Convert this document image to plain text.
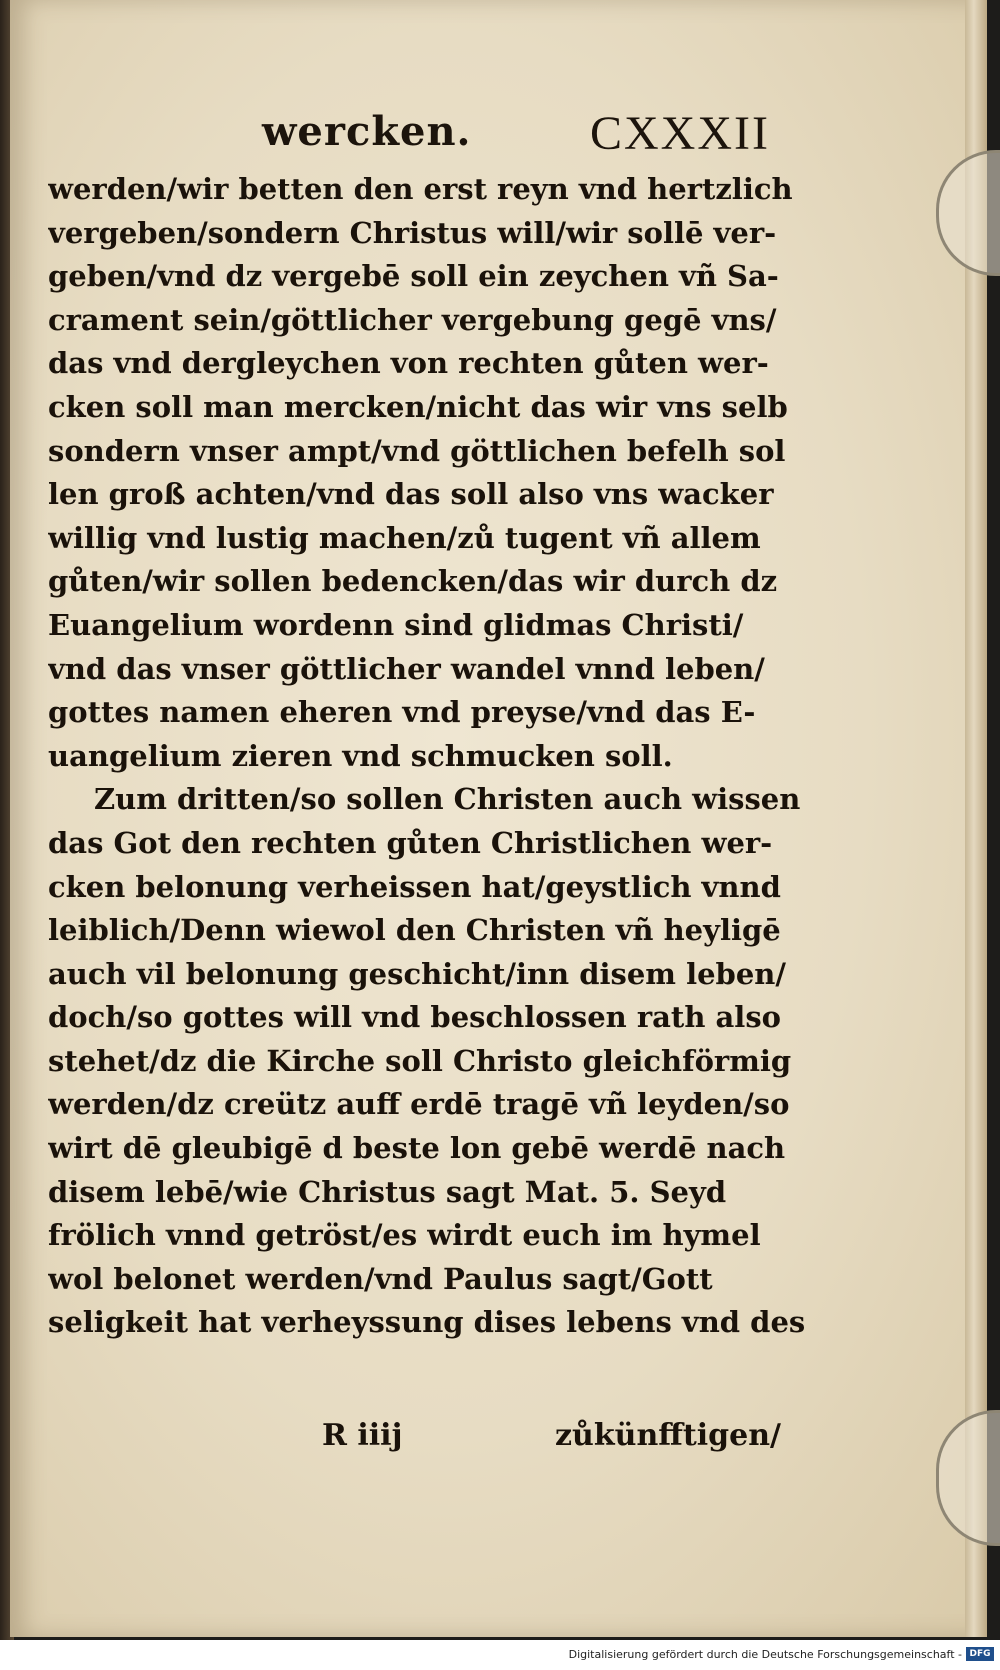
wercken. CXXXII
werden/wir betten den erst reyn vnd hertzlich
vergeben/sondern Christus will/wir sollē ver-
geben/vnd dz vergebē soll ein zeychen vñ Sa-
crament sein/göttlicher vergebung gegē vns/
das vnd dergleychen von rechten gůten wer-
cken soll man mercken/nicht das wir vns selb
sondern vnser ampt/vnd göttlichen befelh sol
len groß achten/vnd das soll also vns wacker
willig vnd lustig machen/zů tugent vñ allem
gůten/wir sollen bedencken/das wir durch dz
Euangelium wordenn sind glidmas Christi/
vnd das vnser göttlicher wandel vnnd leben/
gottes namen eheren vnd preyse/vnd das E-
uangelium zieren vnd schmucken soll.
Zum dritten/so sollen Christen auch wissen
das Got den rechten gůten Christlichen wer-
cken belonung verheissen hat/geystlich vnnd
leiblich/Denn wiewol den Christen vñ heyligē
auch vil belonung geschicht/inn disem leben/
doch/so gottes will vnd beschlossen rath also
stehet/dz die Kirche soll Christo gleichförmig
werden/dz creütz auff erdē tragē vñ leyden/so
wirt dē gleubigē d beste lon gebē werdē nach
disem lebē/wie Christus sagt Mat. 5. Seyd
frölich vnnd getröst/es wirdt euch im hymel
wol belonet werden/vnd Paulus sagt/Gott
seligkeit hat verheyssung dises lebens vnd des
R iiij	zůkünfftigen/
Digitalisierung gefördert durch die Deutsche Forschungsgemeinschaft - DFG
